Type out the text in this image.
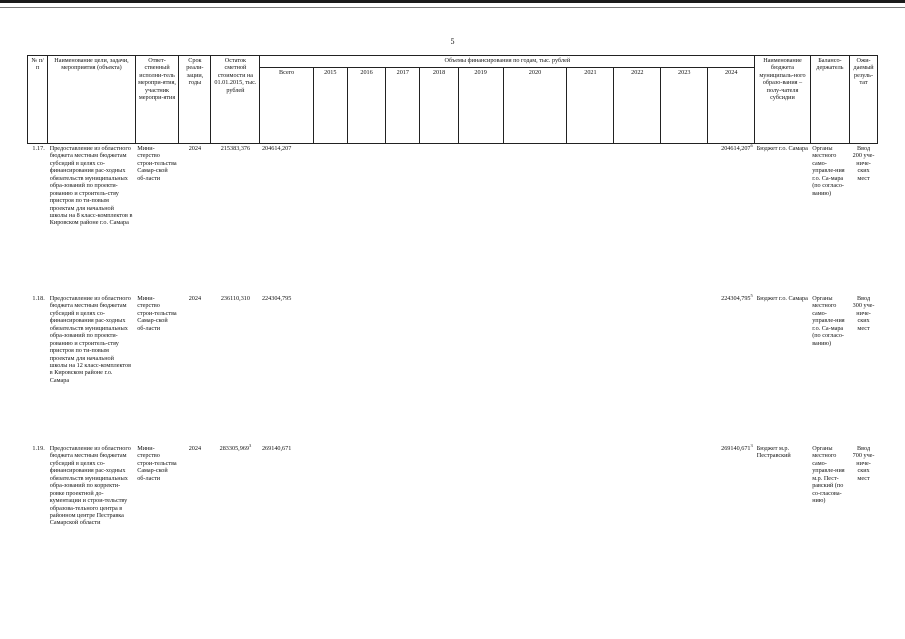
5
№ п/п	Наименование цели, задачи, мероприятия (объекта)	Ответ-ственный исполни-тель меропри-ятия, участник меропри-ятия	Срок реали-зации, годы	Остаток сметной стоимости на 01.01.2015, тыс. рублей	Объемы финансирования по годам, тыс. рублей											Наименование бюджета муниципаль-ного образо-вания – полу-чателя субсидии	Балансо-держатель	Ожи-даемый резуль-тат
					Всего	2015	2016	2017	2018	2019	2020	2021	2022	2023	2024			
1.17.	Предоставление из областного бюджета местным бюджетам субсидий в целях со-финансирования рас-ходных обязательств муниципальных обра-зований по проекти-рованию и строитель-ству пристроя по ти-повым проектам для начальной школы на 8 класс-комплектов в Кировском районе г.о. Самара	Мини-стерство строи-тельства Самар-ской об-ласти	2024	215383,376	204614,207										204614,207$^6$	Бюджет г.о. Самара	Органы местного само-управле-ния г.о. Са-мара (по согласо-ванию)	Ввод 200 уче-ниче-ских мест
1.18.	Предоставление из областного бюджета местным бюджетам субсидий в целях со-финансирования рас-ходных обязательств муниципальных обра-зований по проекти-рованию и строитель-ству пристроя по ти-повым проектам для начальной школы на 12 класс-комплектов в Кировском районе г.о. Самара	Мини-стерство строи-тельства Самар-ской об-ласти	2024	236110,310	224304,795										224304,795$^5$	Бюджет г.о. Самара	Органы местного само-управле-ния г.о. Са-мара (по согласо-ванию)	Ввод 300 уче-ниче-ских мест
1.19.	Предоставление из областного бюджета местным бюджетам субсидий в целях со-финансирования рас-ходных обязательств муниципальных обра-зований по корректи-ровке проектной до-кументации и строи-тельству образова-тельного центра в районном центре Пестравка Самарской области	Мини-стерство строи-тельства Самар-ской об-ласти	2024	283305,969$^3$	269140,671										269140,671$^3$	Бюджет м.р. Пестравский	Органы местного само-управле-ния м.р. Пест-равский (по со-гласова-нию)	Ввод 700 уче-ниче-ских мест
